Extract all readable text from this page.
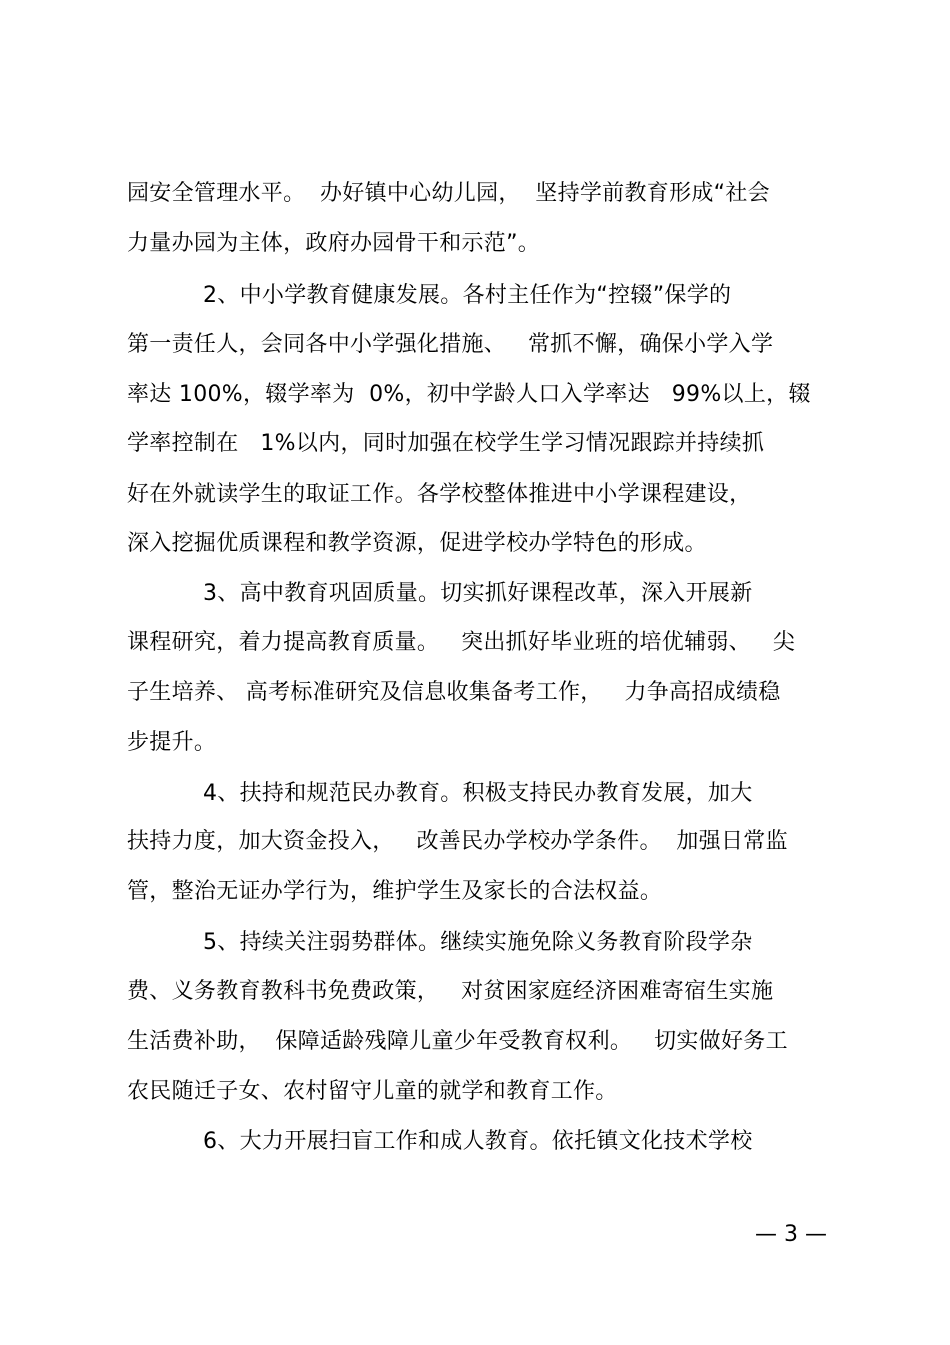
园安全管理水平。  办好镇中心幼儿园，  坚持学前教育形成“社会
力量办园为主体，政府办园骨干和示范”。
2、中小学教育健康发展。各村主任作为“控辍”保学的
第一责任人，会同各中小学强化措施、   常抓不懈，确保小学入学
率达 100%，辍学率为  0%，初中学龄人口入学率达   99%以上，辍
学率控制在   1%以内，同时加强在校学生学习情况跟踪并持续抓
好在外就读学生的取证工作。各学校整体推进中小学课程建设，
深入挖掘优质课程和教学资源，促进学校办学特色的形成。
3、高中教育巩固质量。切实抓好课程改革，深入开展新
课程研究，着力提高教育质量。   突出抓好毕业班的培优辅弱、   尖
子生培养、 高考标准研究及信息收集备考工作，   力争高招成绩稳
步提升。
4、扶持和规范民办教育。积极支持民办教育发展，加大
扶持力度，加大资金投入，   改善民办学校办学条件。  加强日常监
管，整治无证办学行为，维护学生及家长的合法权益。
5、持续关注弱势群体。继续实施免除义务教育阶段学杂
费、义务教育教科书免费政策，   对贫困家庭经济困难寄宿生实施
生活费补助，  保障适龄残障儿童少年受教育权利。   切实做好务工
农民随迁子女、农村留守儿童的就学和教育工作。
6、大力开展扫盲工作和成人教育。依托镇文化技术学校
— 3 —
